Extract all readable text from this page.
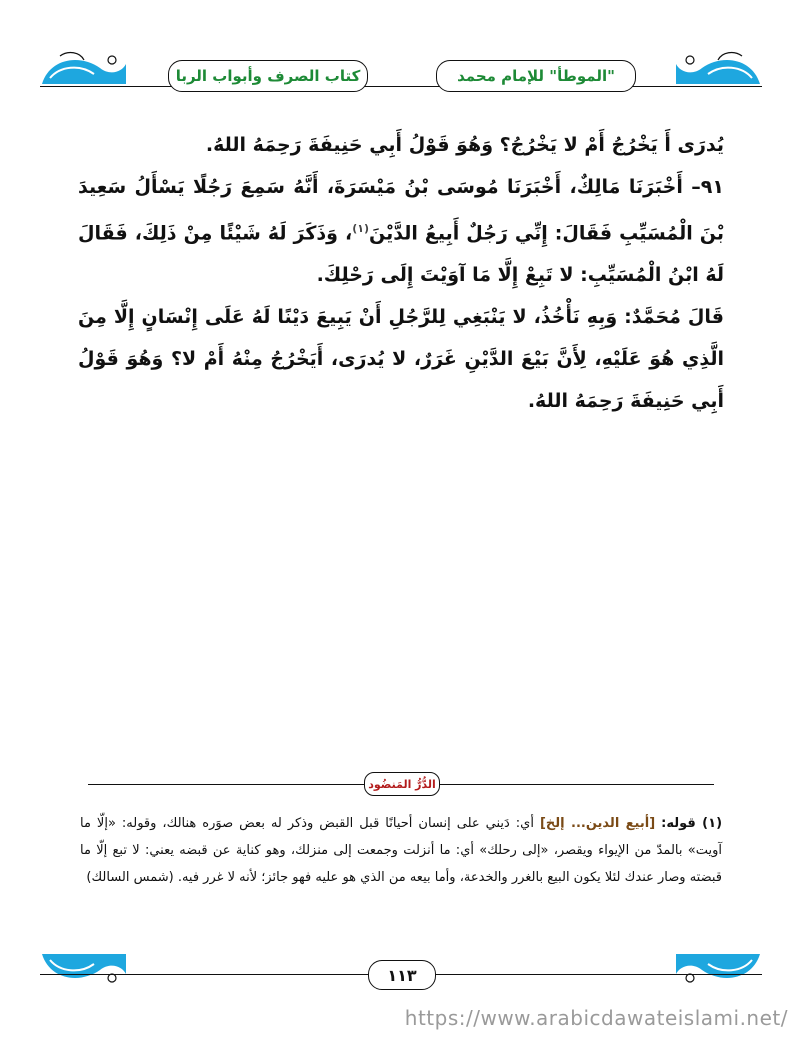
كتاب الصرف وأبواب الربا	"الموطأ" للإمام محمد

يُدرَى أَ يَخْرُجُ أَمْ لا يَخْرُجُ؟ وَهُوَ قَوْلُ أَبِي حَنِيفَةَ رَحِمَهُ اللهُ.

٩١– أَخْبَرَنَا مَالِكٌ، أَخْبَرَنَا مُوسَى بْنُ مَيْسَرَةَ، أَنَّهُ سَمِعَ رَجُلًا يَسْأَلُ سَعِيدَ بْنَ الْمُسَيِّبِ فَقَالَ: إِنِّي رَجُلٌ أَبِيعُ الدَّيْنَ$^{(١)}$، وَذَكَرَ لَهُ شَيْئًا مِنْ ذَلِكَ، فَقَالَ لَهُ ابْنُ الْمُسَيِّبِ: لا تَبِعْ إِلَّا مَا آوَيْتَ إِلَى رَحْلِكَ.

قَالَ مُحَمَّدٌ: وَبِهِ نَأْخُذُ، لا يَنْبَغِي لِلرَّجُلِ أَنْ يَبِيعَ دَيْنًا لَهُ عَلَى إِنْسَانٍ إِلَّا مِنَ الَّذِي هُوَ عَلَيْهِ، لِأَنَّ بَيْعَ الدَّيْنِ غَرَرٌ، لا يُدرَى، أَيَخْرُجُ مِنْهُ أَمْ لا؟ وَهُوَ قَوْلُ أَبِي حَنِيفَةَ رَحِمَهُ اللهُ.

الدُّرُّ المَنضُود
(١) قوله: [أبيع الدين... إلخ] أي: دَيني على إنسان أحيانًا قبل القبض وذكر له بعض صوَره هنالك، وقوله: «إلّا ما آويت» بالمدّ من الإيواء ويقصر، «إلى رحلك» أي: ما أنزلت وجمعت إلى منزلك، وهو كناية عن قبضه يعني: لا تبع إلّا ما قبضته وصار عندك لئلا يكون البيع بالغرر والخدعة، وأما بيعه من الذي هو عليه فهو جائز؛ لأنه لا غرر فيه. (شمس السالك)
١١٣
https://www.arabicdawateislami.net/
